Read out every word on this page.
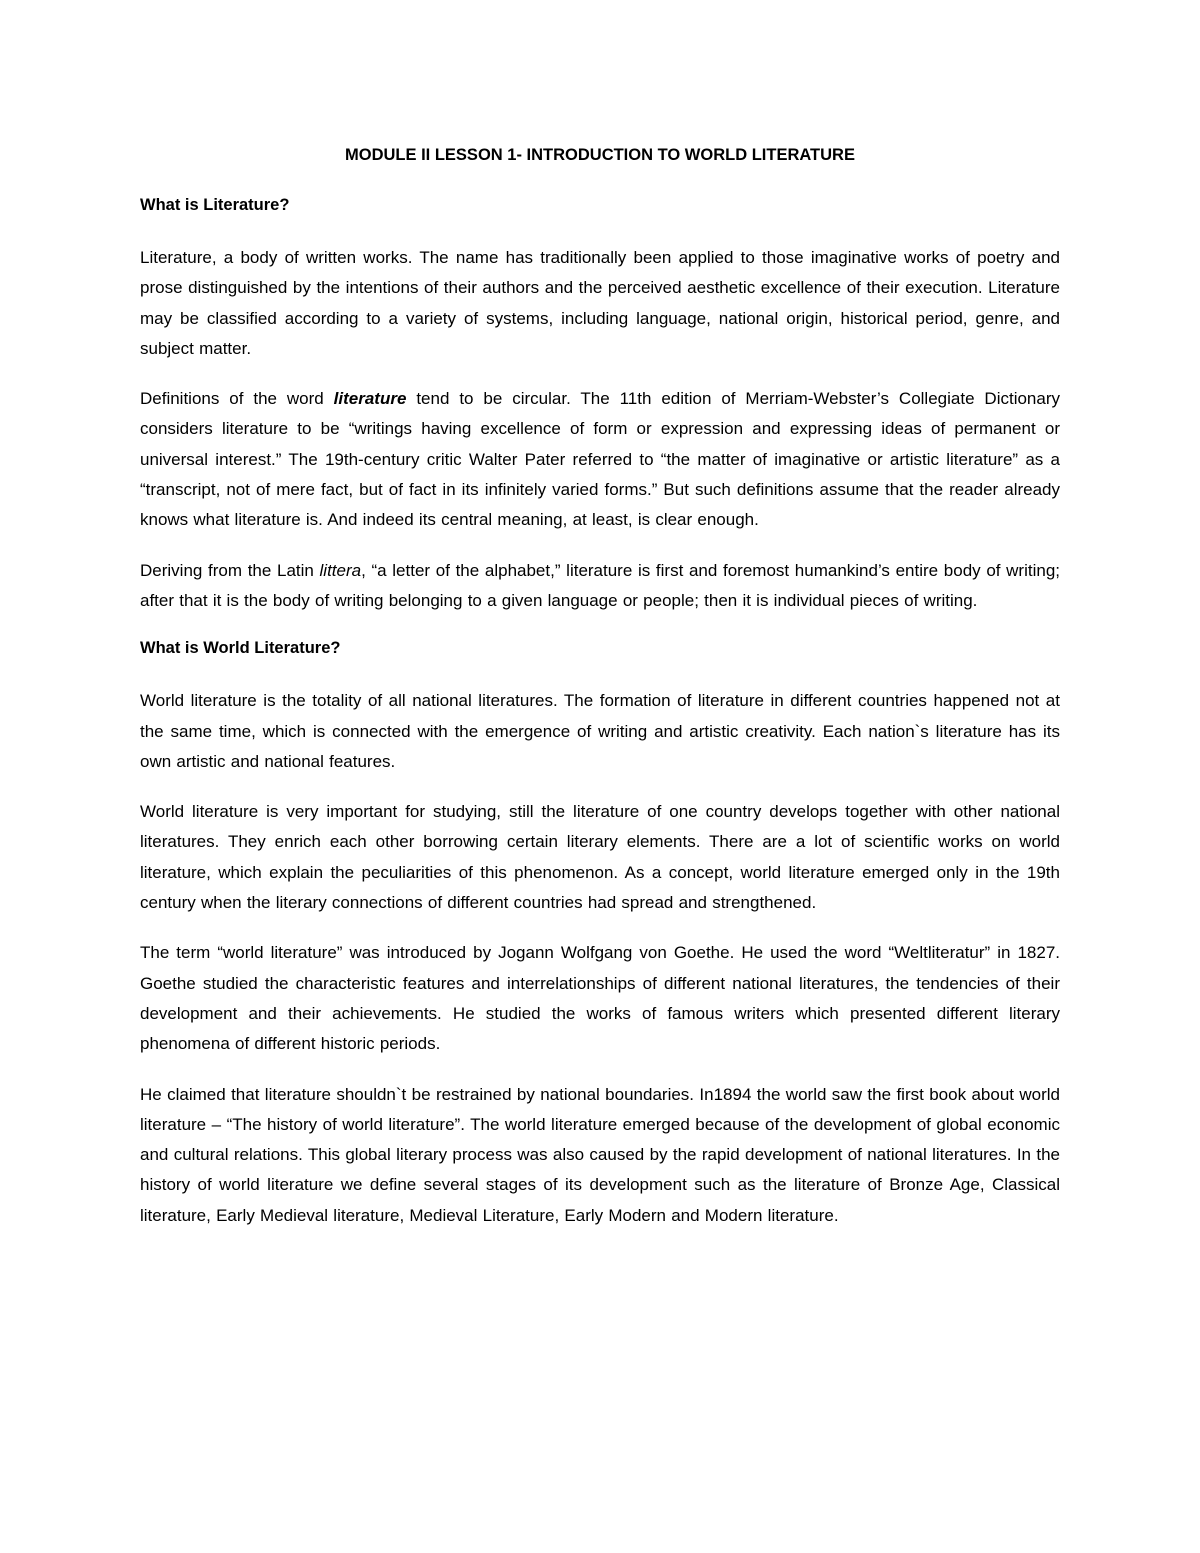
MODULE II LESSON 1- INTRODUCTION TO WORLD LITERATURE
What is Literature?

Literature, a body of written works. The name has traditionally been applied to those imaginative works of poetry and prose distinguished by the intentions of their authors and the perceived aesthetic excellence of their execution. Literature may be classified according to a variety of systems, including language, national origin, historical period, genre, and subject matter.

Definitions of the word literature tend to be circular. The 11th edition of Merriam-Webster’s Collegiate Dictionary considers literature to be “writings having excellence of form or expression and expressing ideas of permanent or universal interest.” The 19th-century critic Walter Pater referred to “the matter of imaginative or artistic literature” as a “transcript, not of mere fact, but of fact in its infinitely varied forms.” But such definitions assume that the reader already knows what literature is. And indeed its central meaning, at least, is clear enough.

Deriving from the Latin littera, “a letter of the alphabet,” literature is first and foremost humankind’s entire body of writing; after that it is the body of writing belonging to a given language or people; then it is individual pieces of writing.

What is World Literature?

World literature is the totality of all national literatures. The formation of literature in different countries happened not at the same time, which is connected with the emergence of writing and artistic creativity. Each nation`s literature has its own artistic and national features.

World literature is very important for studying, still the literature of one country develops together with other national literatures. They enrich each other borrowing certain literary elements. There are a lot of scientific works on world literature, which explain the peculiarities of this phenomenon. As a concept, world literature emerged only in the 19th century when the literary connections of different countries had spread and strengthened.

The term “world literature” was introduced by Jogann Wolfgang von Goethe. He used the word “Weltliteratur” in 1827. Goethe studied the characteristic features and interrelationships of different national literatures, the tendencies of their development and their achievements. He studied the works of famous writers which presented different literary phenomena of different historic periods.

He claimed that literature shouldn`t be restrained by national boundaries. In1894 the world saw the first book about world literature – “The history of world literature”. The world literature emerged because of the development of global economic and cultural relations. This global literary process was also caused by the rapid development of national literatures. In the history of world literature we define several stages of its development such as the literature of Bronze Age, Classical literature, Early Medieval literature, Medieval Literature, Early Modern and Modern literature.
